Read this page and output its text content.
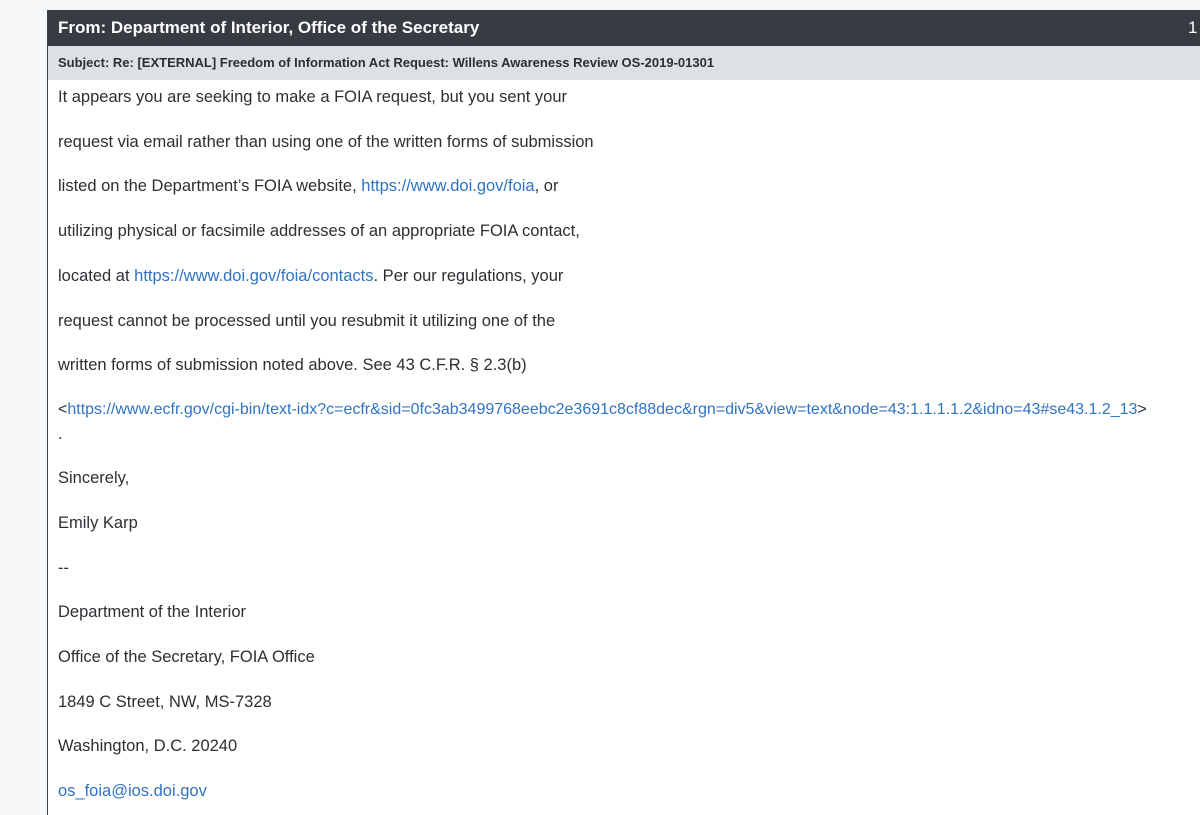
From: Department of Interior, Office of the Secretary	1
Subject: Re: [EXTERNAL] Freedom of Information Act Request: Willens Awareness Review OS-2019-01301
It appears you are seeking to make a FOIA request, but you sent your
request via email rather than using one of the written forms of submission
listed on the Department’s FOIA website, https://www.doi.gov/foia, or
utilizing physical or facsimile addresses of an appropriate FOIA contact,
located at https://www.doi.gov/foia/contacts. Per our regulations, your
request cannot be processed until you resubmit it utilizing one of the
written forms of submission noted above. See 43 C.F.R. § 2.3(b)
<https://www.ecfr.gov/cgi-bin/text-idx?c=ecfr&sid=0fc3ab3499768eebc2e3691c8cf88dec&rgn=div5&view=text&node=43:1.1.1.1.2&idno=43#se43.1.2_13>
.
Sincerely,
Emily Karp
--
Department of the Interior
Office of the Secretary, FOIA Office
1849 C Street, NW, MS-7328
Washington, D.C. 20240
os_foia@ios.doi.gov
